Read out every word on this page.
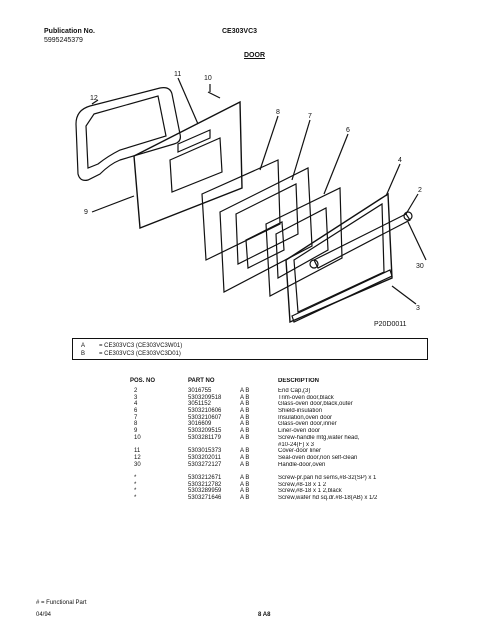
Publication No.
5995245379
CE303VC3
DOOR
12
11
10
8
7
6
4
2
30
3
9
P20D0011
A	= CE303VC3 (CE303VC3W01)
B	= CE303VC3 (CE303VC3D01)
POS. NO	PART NO	DESCRIPTION
2	3016755	A B	End Cap,(3)
3	5303209518	A B	Trim-oven door,black
4	3051152	A B	Glass-oven door,black,outer
6	5303210606	A B	Shield-insulation
7	5303210607	A B	Insulation,oven door
8	3016609	A B	Glass-oven door,inner
9	5303209515	A B	Liner-oven door
10	5303281179	A B	Screw-handle mtg,water head,
#10-24(F) x 3
11	5303015373	A B	Cover-door liner
12	5303202011	A B	Seal-oven door,non self-clean
30	5303272127	A B	Handle-door,oven
*	5303212671	A B	Screw-pr.pan hd sems,#8-32(SP) x 1
*	5303212782	A B	Screw,#8-18 x 1 2
*	5303289959	A B	Screw,#8-18 x 1 2,black
*	5303271646	A B	Screw,wafer hd sq.dr.#8-18(AB) x 1/2
# = Functional Part
04/94	8 A8
